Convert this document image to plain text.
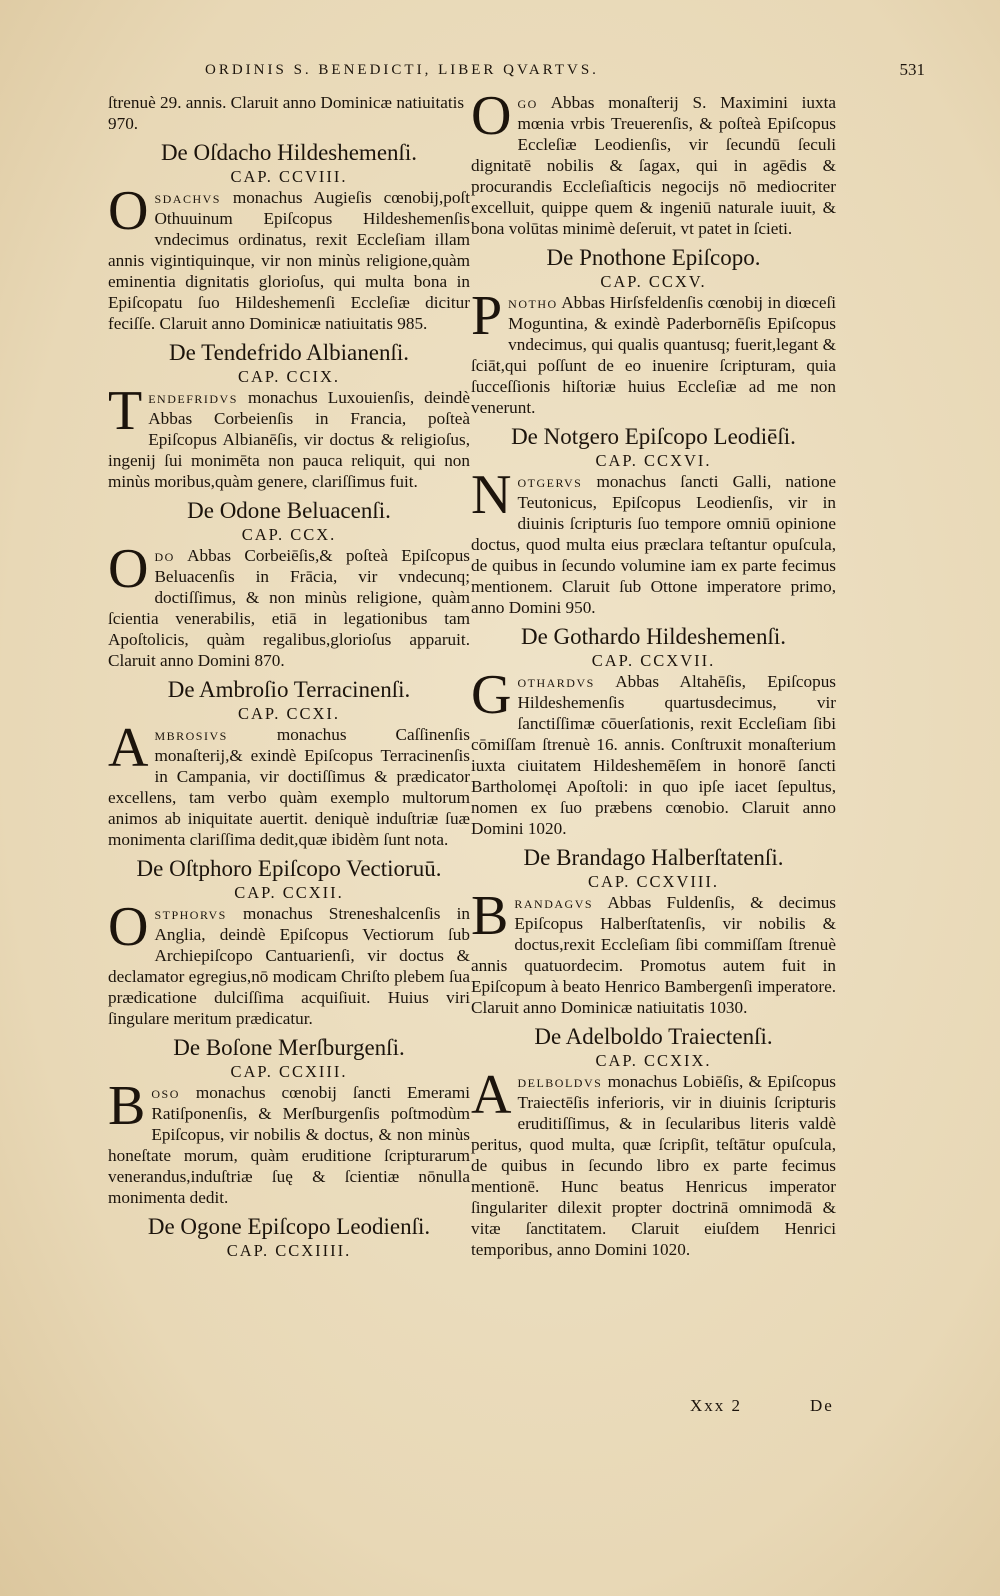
ORDINIS S. BENEDICTI, LIBER QVARTVS.	531

ſtrenuè 29. annis. Claruit anno Dominicæ natiuitatis 970.

De Oſdacho Hildeshemenſi.
CAP. CCVIII.
Osdachvs monachus Augieſis cœnobij,poſt Othuuinum Epiſcopus Hildeshemenſis vndecimus ordinatus, rexit Eccleſiam illam annis vigintiquinque, vir non minùs religione,quàm eminentia dignitatis glorioſus, qui multa bona in Epiſcopatu ſuo Hildeshemenſi Eccleſiæ dicitur feciſſe. Claruit anno Dominicæ natiuitatis 985.
De Tendefrido Albianenſi.
CAP. CCIX.
Tendefridvs monachus Luxouienſis, deindè Abbas Corbeienſis in Francia, poſteà Epiſcopus Albianēſis, vir doctus & religioſus, ingenij ſui monimēta non pauca reliquit, qui non minùs moribus,quàm genere, clariſſimus fuit.
De Odone Beluacenſi.
CAP. CCX.
Odo Abbas Corbeiēſis,& poſteà Epiſcopus Beluacenſis in Frācia, vir vndecunq; doctiſſimus, & non minùs religione, quàm ſcientia venerabilis, etiā in legationibus tam Apoſtolicis, quàm regalibus,glorioſus apparuit. Claruit anno Domini 870.
De Ambroſio Terracinenſi.
CAP. CCXI.
Ambrosivs monachus Caſſinenſis monaſterij,& exindè Epiſcopus Terracinenſis in Campania, vir doctiſſimus & prædicator excellens, tam verbo quàm exemplo multorum animos ab iniquitate auertit. deniquè induſtriæ ſuæ monimenta clariſſima dedit,quæ ibidèm ſunt nota.
De Oſtphoro Epiſcopo Vectioruū.
CAP. CCXII.
Ostphorvs monachus Streneshalcenſis in Anglia, deindè Epiſcopus Vectiorum ſub Archiepiſcopo Cantuarienſi, vir doctus & declamator egregius,nō modicam Chriſto plebem ſua prædicatione dulciſſima acquiſiuit. Huius viri ſingulare meritum prædicatur.
De Boſone Merſburgenſi.
CAP. CCXIII.
Boso monachus cœnobij ſancti Emerami Ratiſponenſis, & Merſburgenſis poſtmodùm Epiſcopus, vir nobilis & doctus, & non minùs honeſtate morum, quàm eruditione ſcripturarum venerandus,induſtriæ ſuę & ſcientiæ nōnulla monimenta dedit.
De Ogone Epiſcopo Leodienſi.
CAP. CCXIIII.
Ogo Abbas monaſterij S. Maximini iuxta mœnia vrbis Treuerenſis, & poſteà Epiſcopus Eccleſiæ Leodienſis, vir ſecundū ſeculi dignitatē nobilis & ſagax, qui in agēdis & procurandis Eccleſiaſticis negocijs nō mediocriter excelluit, quippe quem & ingeniū naturale iuuit, & bona volūtas minimè deſeruit, vt patet in ſcieti.
De Pnothone Epiſcopo.
CAP. CCXV.
Pnotho Abbas Hirſsfeldenſis cœnobij in diœceſi Moguntina, & exindè Paderbornēſis Epiſcopus vndecimus, qui qualis quantusq; fuerit,legant & ſciāt,qui poſſunt de eo inuenire ſcripturam, quia ſucceſſionis hiſtoriæ huius Eccleſiæ ad me non venerunt.
De Notgero Epiſcopo Leodiēſi.
CAP. CCXVI.
Notgervs monachus ſancti Galli, natione Teutonicus, Epiſcopus Leodienſis, vir in diuinis ſcripturis ſuo tempore omniū opinione doctus, quod multa eius præclara teſtantur opuſcula, de quibus in ſecundo volumine iam ex parte fecimus mentionem. Claruit ſub Ottone imperatore primo, anno Domini 950.
De Gothardo Hildeshemenſi.
CAP. CCXVII.
Gothardvs Abbas Altahēſis, Epiſcopus Hildeshemenſis quartusdecimus, vir ſanctiſſimæ cōuerſationis, rexit Eccleſiam ſibi cōmiſſam ſtrenuè 16. annis. Conſtruxit monaſterium iuxta ciuitatem Hildeshemēſem in honorē ſancti Bartholomęi Apoſtoli: in quo ipſe iacet ſepultus, nomen ex ſuo præbens cœnobio. Claruit anno Domini 1020.
De Brandago Halberſtatenſi.
CAP. CCXVIII.
Brandagvs Abbas Fuldenſis, & decimus Epiſcopus Halberſtatenſis, vir nobilis & doctus,rexit Eccleſiam ſibi commiſſam ſtrenuè annis quatuordecim. Promotus autem fuit in Epiſcopum à beato Henrico Bambergenſi imperatore. Claruit anno Dominicæ natiuitatis 1030.
De Adelboldo Traiectenſi.
CAP. CCXIX.
Adelboldvs monachus Lobiēſis, & Epiſcopus Traiectēſis inferioris, vir in diuinis ſcripturis eruditiſſimus, & in ſecularibus literis valdè peritus, quod multa, quæ ſcripſit, teſtātur opuſcula, de quibus in ſecundo libro ex parte fecimus mentionē. Hunc beatus Henricus imperator ſingulariter dilexit propter doctrinā omnimodā & vitæ ſanctitatem. Claruit eiuſdem Henrici temporibus, anno Domini 1020.
Xxx 2	De
